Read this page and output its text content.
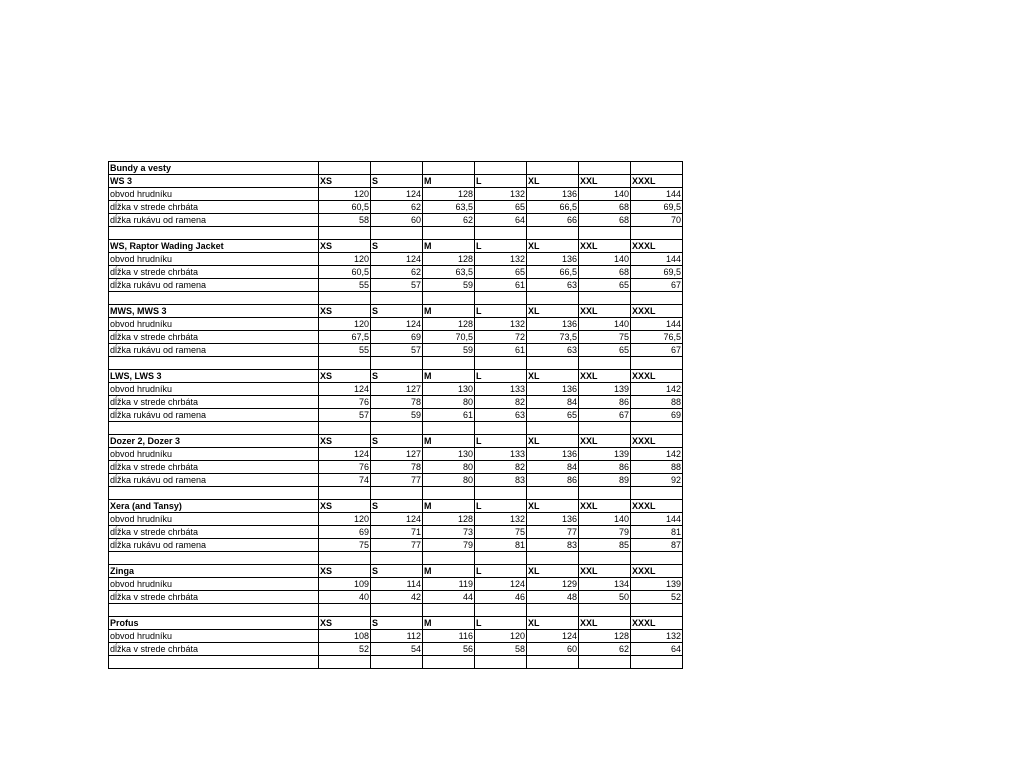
Bundy a vesty							
WS 3	XS	S	M	L	XL	XXL	XXXL
obvod hrudníku	120	124	128	132	136	140	144
dĺžka v strede chrbáta	60,5	62	63,5	65	66,5	68	69,5
dĺžka rukávu od ramena	58	60	62	64	66	68	70

WS, Raptor Wading Jacket	XS	S	M	L	XL	XXL	XXXL
obvod hrudníku	120	124	128	132	136	140	144
dĺžka v strede chrbáta	60,5	62	63,5	65	66,5	68	69,5
dĺžka rukávu od ramena	55	57	59	61	63	65	67

MWS, MWS 3	XS	S	M	L	XL	XXL	XXXL
obvod hrudníku	120	124	128	132	136	140	144
dĺžka v strede chrbáta	67,5	69	70,5	72	73,5	75	76,5
dĺžka rukávu od ramena	55	57	59	61	63	65	67

LWS, LWS 3	XS	S	M	L	XL	XXL	XXXL
obvod hrudníku	124	127	130	133	136	139	142
dĺžka v strede chrbáta	76	78	80	82	84	86	88
dĺžka rukávu od ramena	57	59	61	63	65	67	69

Dozer 2, Dozer 3	XS	S	M	L	XL	XXL	XXXL
obvod hrudníku	124	127	130	133	136	139	142
dĺžka v strede chrbáta	76	78	80	82	84	86	88
dĺžka rukávu od ramena	74	77	80	83	86	89	92

Xera (and Tansy)	XS	S	M	L	XL	XXL	XXXL
obvod hrudníku	120	124	128	132	136	140	144
dĺžka v strede chrbáta	69	71	73	75	77	79	81
dĺžka rukávu od ramena	75	77	79	81	83	85	87

Zinga	XS	S	M	L	XL	XXL	XXXL
obvod hrudníku	109	114	119	124	129	134	139
dĺžka v strede chrbáta	40	42	44	46	48	50	52

Profus	XS	S	M	L	XL	XXL	XXXL
obvod hrudníku	108	112	116	120	124	128	132
dĺžka v strede chrbáta	52	54	56	58	60	62	64
